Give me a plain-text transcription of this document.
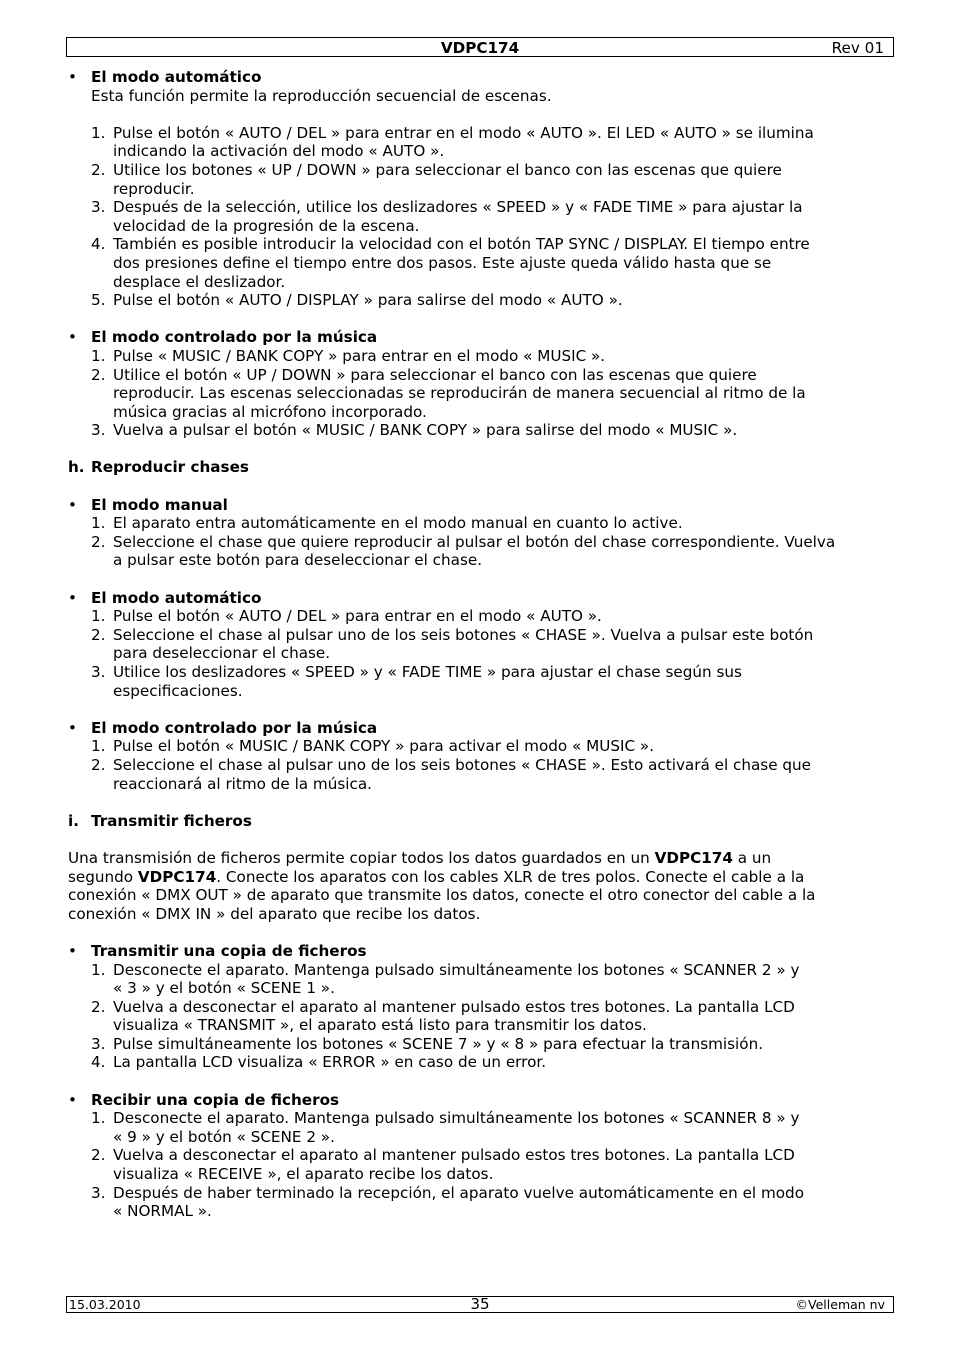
VDPC174	Rev 01
• El modo automático
Esta función permite la reproducción secuencial de escenas.
1. Pulse el botón « AUTO / DEL » para entrar en el modo « AUTO ». El LED « AUTO » se ilumina
indicando la activación del modo « AUTO ».
2. Utilice los botones « UP / DOWN » para seleccionar el banco con las escenas que quiere
reproducir.
3. Después de la selección, utilice los deslizadores « SPEED » y « FADE TIME » para ajustar la
velocidad de la progresión de la escena.
4. También es posible introducir la velocidad con el botón TAP SYNC / DISPLAY. El tiempo entre
dos presiones define el tiempo entre dos pasos. Este ajuste queda válido hasta que se
desplace el deslizador.
5. Pulse el botón « AUTO / DISPLAY » para salirse del modo « AUTO ».
• El modo controlado por la música
1. Pulse « MUSIC / BANK COPY » para entrar en el modo « MUSIC ».
2. Utilice el botón « UP / DOWN » para seleccionar el banco con las escenas que quiere
reproducir. Las escenas seleccionadas se reproducirán de manera secuencial al ritmo de la
música gracias al micrófono incorporado.
3. Vuelva a pulsar el botón « MUSIC / BANK COPY » para salirse del modo « MUSIC ».
h. Reproducir chases
• El modo manual
1. El aparato entra automáticamente en el modo manual en cuanto lo active.
2. Seleccione el chase que quiere reproducir al pulsar el botón del chase correspondiente. Vuelva
a pulsar este botón para deseleccionar el chase.
• El modo automático
1. Pulse el botón « AUTO / DEL » para entrar en el modo « AUTO ».
2. Seleccione el chase al pulsar uno de los seis botones « CHASE ». Vuelva a pulsar este botón
para deseleccionar el chase.
3. Utilice los deslizadores « SPEED » y « FADE TIME » para ajustar el chase según sus
especificaciones.
• El modo controlado por la música
1. Pulse el botón « MUSIC / BANK COPY » para activar el modo « MUSIC ».
2. Seleccione el chase al pulsar uno de los seis botones « CHASE ». Esto activará el chase que
reaccionará al ritmo de la música.
i. Transmitir ficheros

Una transmisión de ficheros permite copiar todos los datos guardados en un VDPC174 a un
segundo VDPC174. Conecte los aparatos con los cables XLR de tres polos. Conecte el cable a la
conexión « DMX OUT » de aparato que transmite los datos, conecte el otro conector del cable a la
conexión « DMX IN » del aparato que recibe los datos.

• Transmitir una copia de ficheros
1. Desconecte el aparato. Mantenga pulsado simultáneamente los botones « SCANNER 2 » y
« 3 » y el botón « SCENE 1 ».
2. Vuelva a desconectar el aparato al mantener pulsado estos tres botones. La pantalla LCD
visualiza « TRANSMIT », el aparato está listo para transmitir los datos.
3. Pulse simultáneamente los botones « SCENE 7 » y « 8 » para efectuar la transmisión.
4. La pantalla LCD visualiza « ERROR » en caso de un error.
• Recibir una copia de ficheros
1. Desconecte el aparato. Mantenga pulsado simultáneamente los botones « SCANNER 8 » y
« 9 » y el botón « SCENE 2 ».
2. Vuelva a desconectar el aparato al mantener pulsado estos tres botones. La pantalla LCD
visualiza « RECEIVE », el aparato recibe los datos.
3. Después de haber terminado la recepción, el aparato vuelve automáticamente en el modo
« NORMAL ».
15.03.2010	35	©Velleman nv
